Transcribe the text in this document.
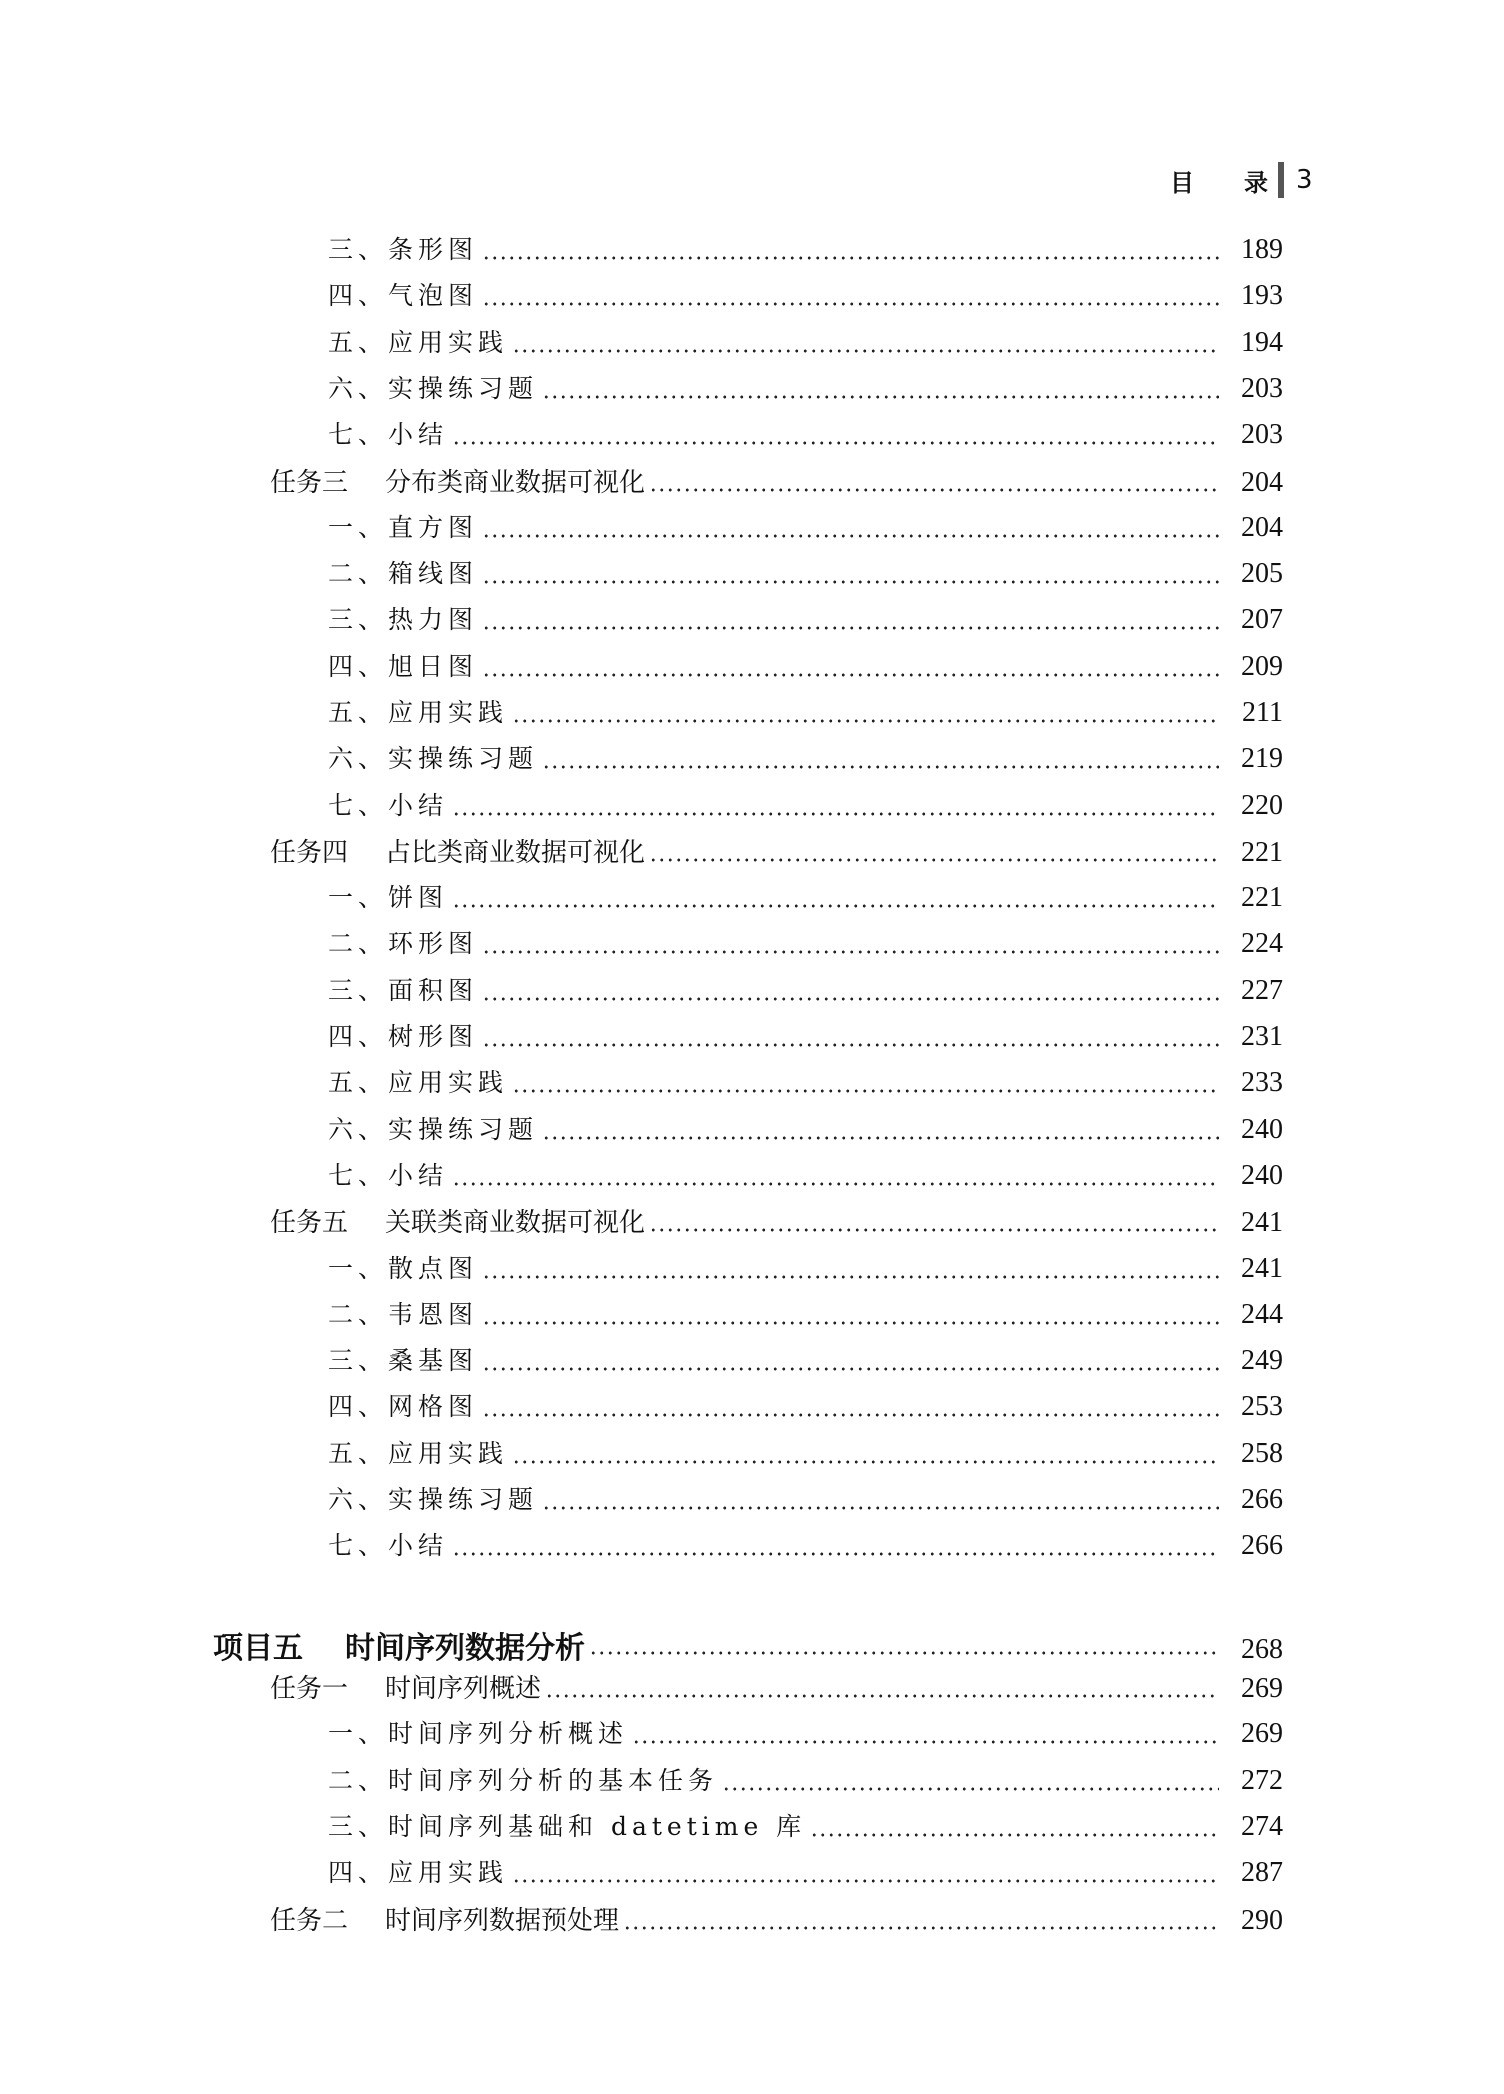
目 录 3
三、条形图	189
四、气泡图	193
五、应用实践	194
六、实操练习题	203
七、小结	203
任务三 分布类商业数据可视化	204
一、直方图	204
二、箱线图	205
三、热力图	207
四、旭日图	209
五、应用实践	211
六、实操练习题	219
七、小结	220
任务四 占比类商业数据可视化	221
一、饼图	221
二、环形图	224
三、面积图	227
四、树形图	231
五、应用实践	233
六、实操练习题	240
七、小结	240
任务五 关联类商业数据可视化	241
一、散点图	241
二、韦恩图	244
三、桑基图	249
四、网格图	253
五、应用实践	258
六、实操练习题	266
七、小结	266
项目五 时间序列数据分析	268
任务一 时间序列概述	269
一、时间序列分析概述	269
二、时间序列分析的基本任务	272
三、时间序列基础和 datetime 库	274
四、应用实践	287
任务二 时间序列数据预处理	290
